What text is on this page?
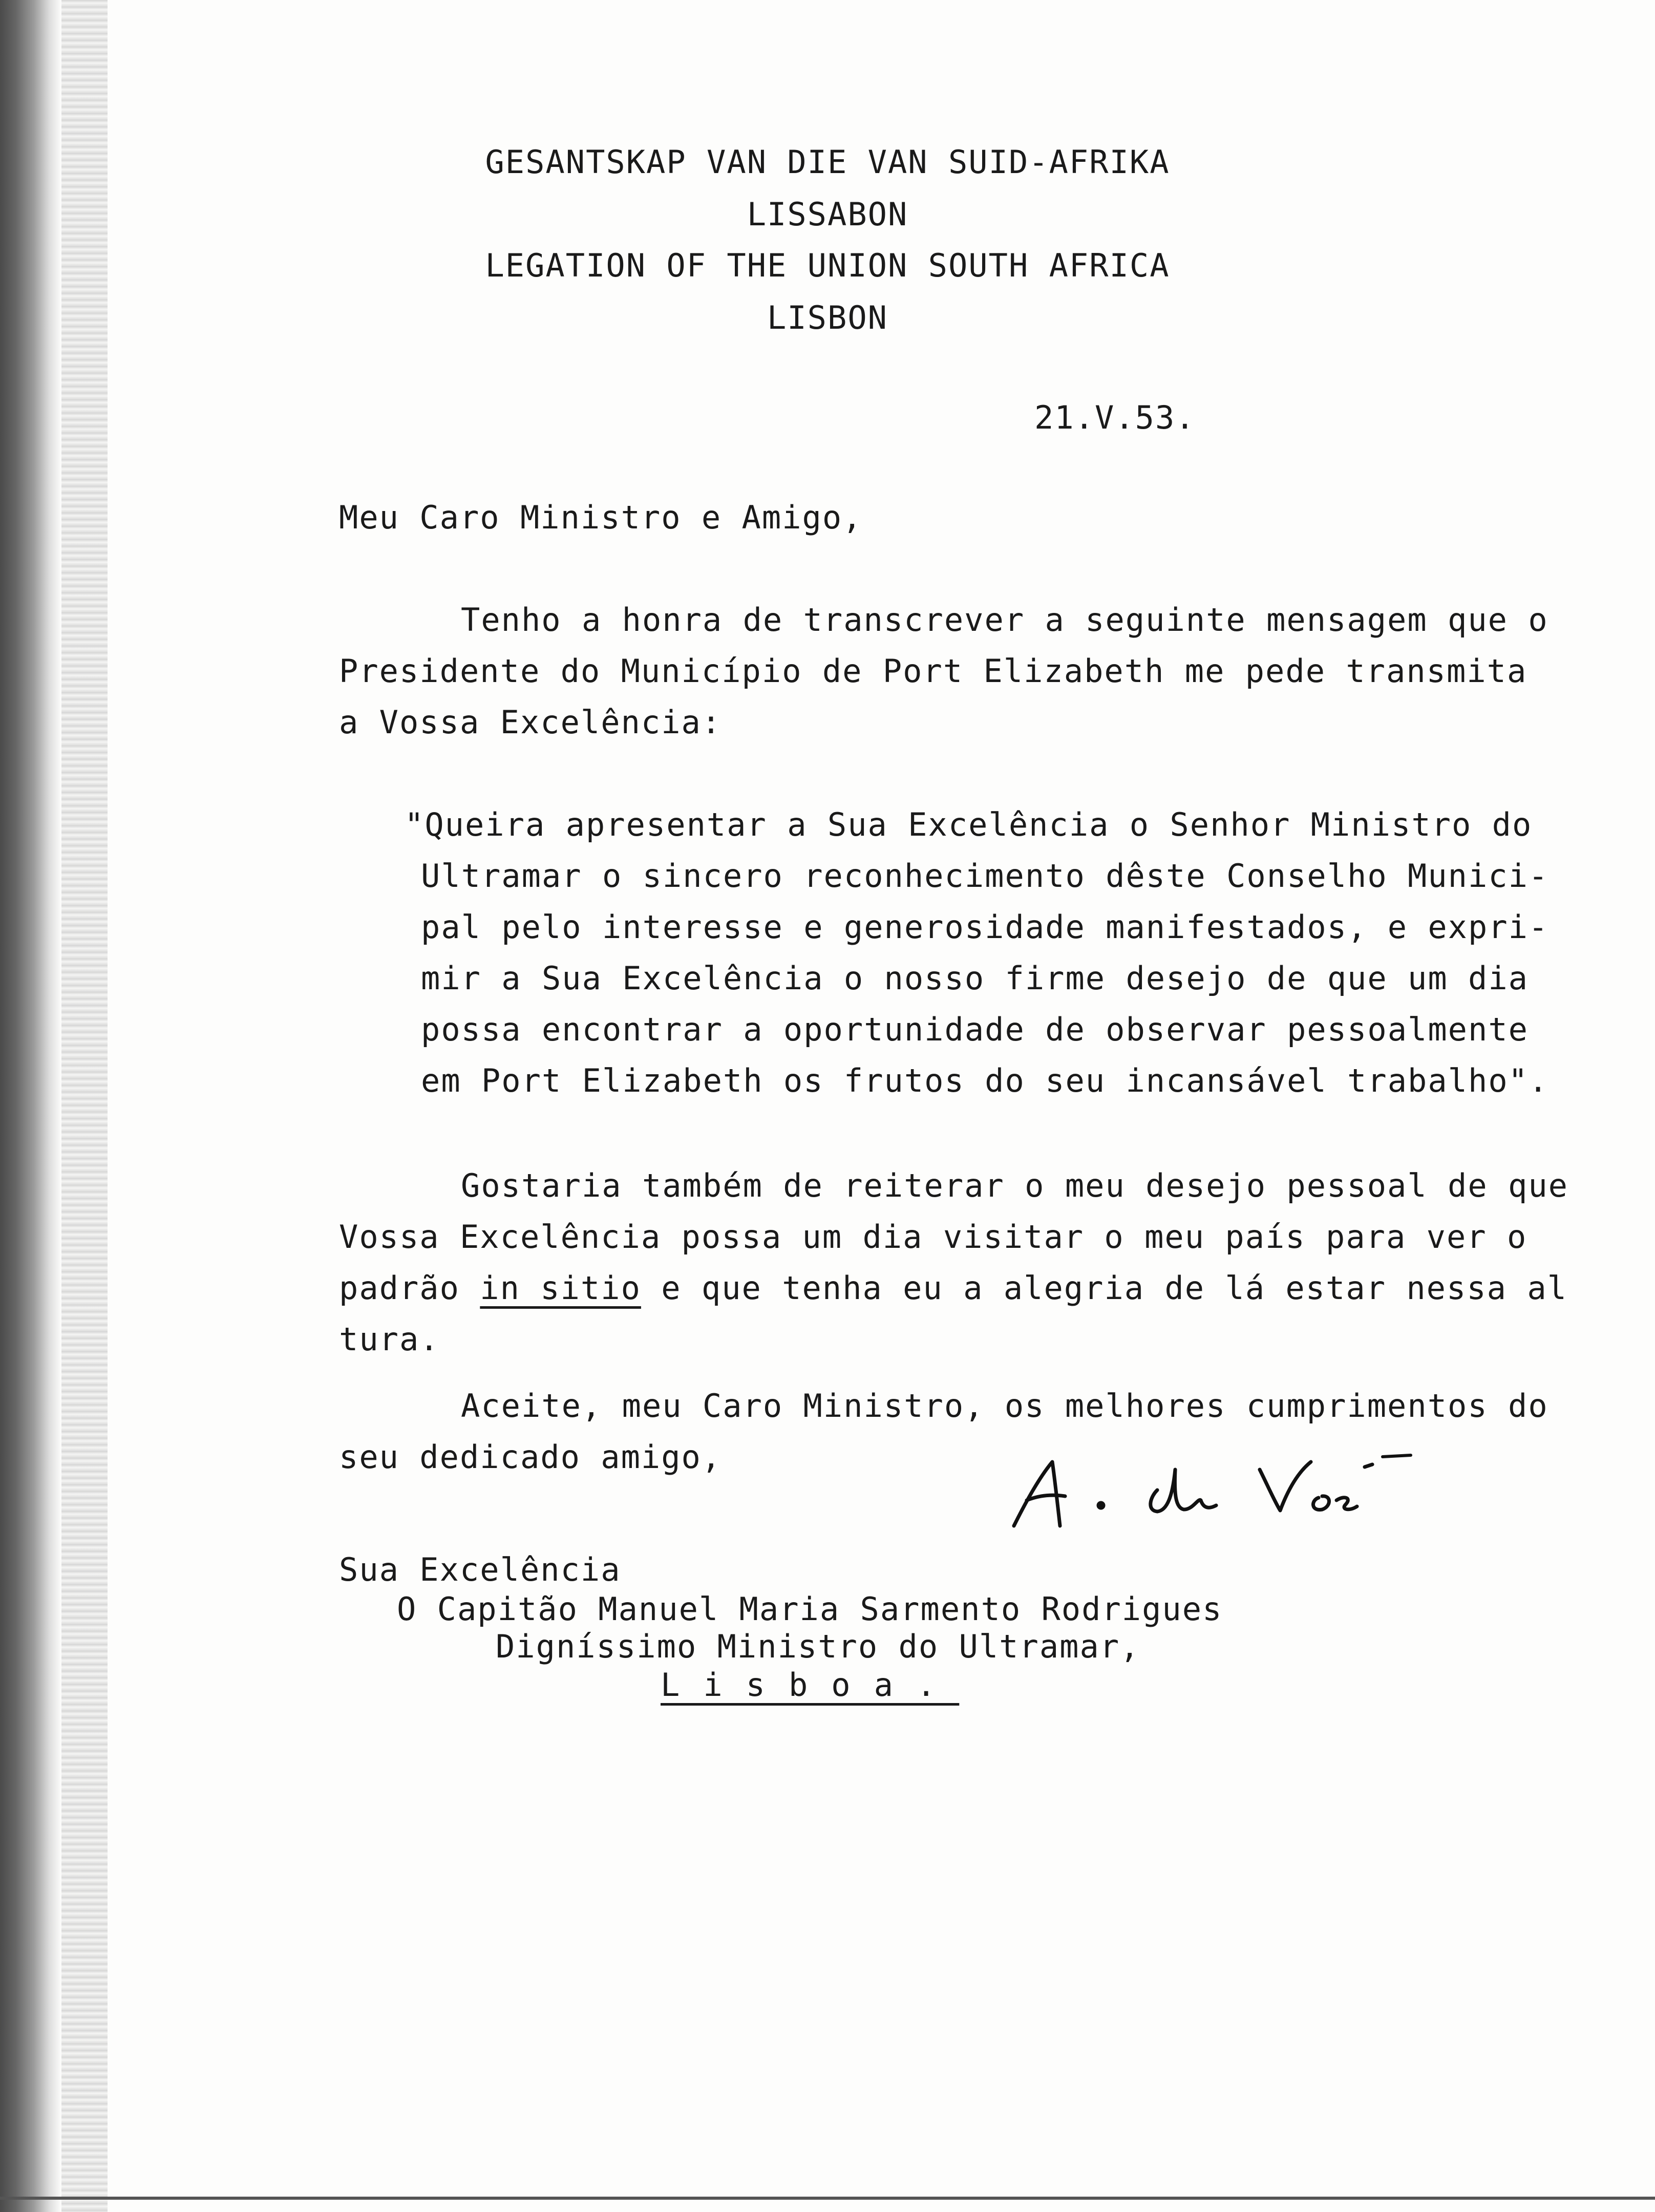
GESANTSKAP VAN DIE VAN SUID-AFRIKA
LISSABON
LEGATION OF THE UNION SOUTH AFRICA
LISBON
21.V.53.
Meu Caro Ministro e Amigo,
Tenho a honra de transcrever a seguinte mensagem que o
Presidente do Município de Port Elizabeth me pede transmita
a Vossa Excelência:
"Queira apresentar a Sua Excelência o Senhor Ministro do
Ultramar o sincero reconhecimento dêste Conselho Munici-
pal pelo interesse e generosidade manifestados, e expri-
mir a Sua Excelência o nosso firme desejo de que um dia
possa encontrar a oportunidade de observar pessoalmente
em Port Elizabeth os frutos do seu incansável trabalho".
Gostaria também de reiterar o meu desejo pessoal de que
Vossa Excelência possa um dia visitar o meu país para ver o
padrão in sitio e que tenha eu a alegria de lá estar nessa al
tura.
Aceite, meu Caro Ministro, os melhores cumprimentos do
seu dedicado amigo,
Sua Excelência
O Capitão Manuel Maria Sarmento Rodrigues
Digníssimo Ministro do Ultramar,
Lisboa.
